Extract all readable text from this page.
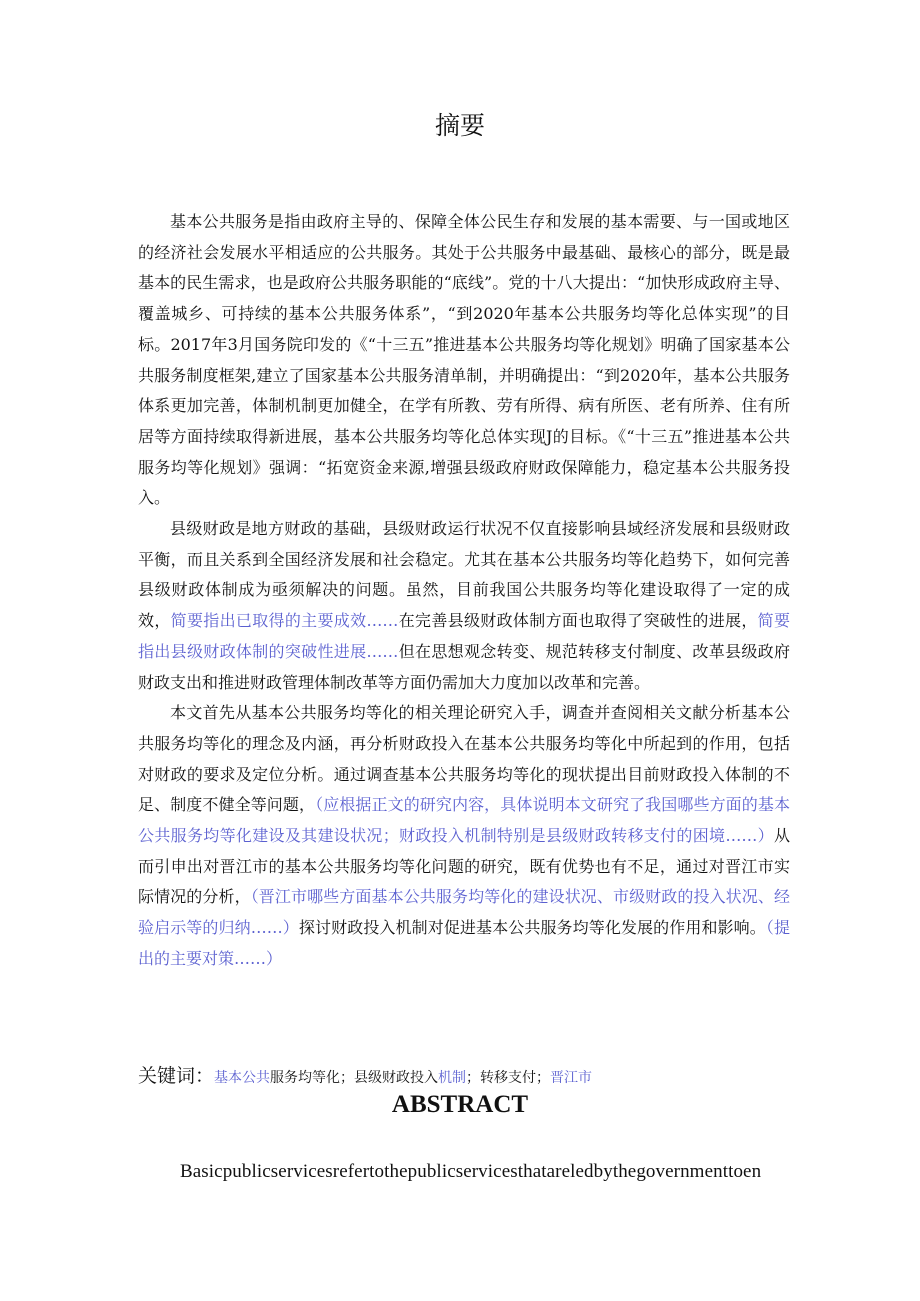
摘要

基本公共服务是指由政府主导的、保障全体公民生存和发展的基本需要、与一国或地区的经济社会发展水平相适应的公共服务。其处于公共服务中最基础、最核心的部分，既是最基本的民生需求，也是政府公共服务职能的“底线”。党的十八大提出：“加快形成政府主导、覆盖城乡、可持续的基本公共服务体系”，“到2020年基本公共服务均等化总体实现”的目标。2017年3月国务院印发的《“十三五”推进基本公共服务均等化规划》明确了国家基本公共服务制度框架,建立了国家基本公共服务清单制，并明确提出：“到2020年，基本公共服务体系更加完善，体制机制更加健全，在学有所教、劳有所得、病有所医、老有所养、住有所居等方面持续取得新进展，基本公共服务均等化总体实现J的目标。《“十三五”推进基本公共服务均等化规划》强调：“拓宽资金来源,增强县级政府财政保障能力，稳定基本公共服务投入。

县级财政是地方财政的基础，县级财政运行状况不仅直接影响县域经济发展和县级财政平衡，而且关系到全国经济发展和社会稳定。尤其在基本公共服务均等化趋势下，如何完善县级财政体制成为亟须解决的问题。虽然，目前我国公共服务均等化建设取得了一定的成效，简要指出已取得的主要成效……在完善县级财政体制方面也取得了突破性的进展，简要指出县级财政体制的突破性进展……但在思想观念转变、规范转移支付制度、改革县级政府财政支出和推进财政管理体制改革等方面仍需加大力度加以改革和完善。

本文首先从基本公共服务均等化的相关理论研究入手，调查并查阅相关文献分析基本公共服务均等化的理念及内涵，再分析财政投入在基本公共服务均等化中所起到的作用，包括对财政的要求及定位分析。通过调查基本公共服务均等化的现状提出目前财政投入体制的不足、制度不健全等问题，（应根据正文的研究内容，具体说明本文研究了我国哪些方面的基本公共服务均等化建设及其建设状况；财政投入机制特别是县级财政转移支付的困境……）从而引申出对晋江市的基本公共服务均等化问题的研究，既有优势也有不足，通过对晋江市实际情况的分析，（晋江市哪些方面基本公共服务均等化的建设状况、市级财政的投入状况、经验启示等的归纳……）探讨财政投入机制对促进基本公共服务均等化发展的作用和影响。（提出的主要对策……）

关键词：基本公共服务均等化；县级财政投入机制；转移支付；晋江市
ABSTRACT
Basicpublicservicesrefertothepublicservicesthatareledbythegovernmenttoen
